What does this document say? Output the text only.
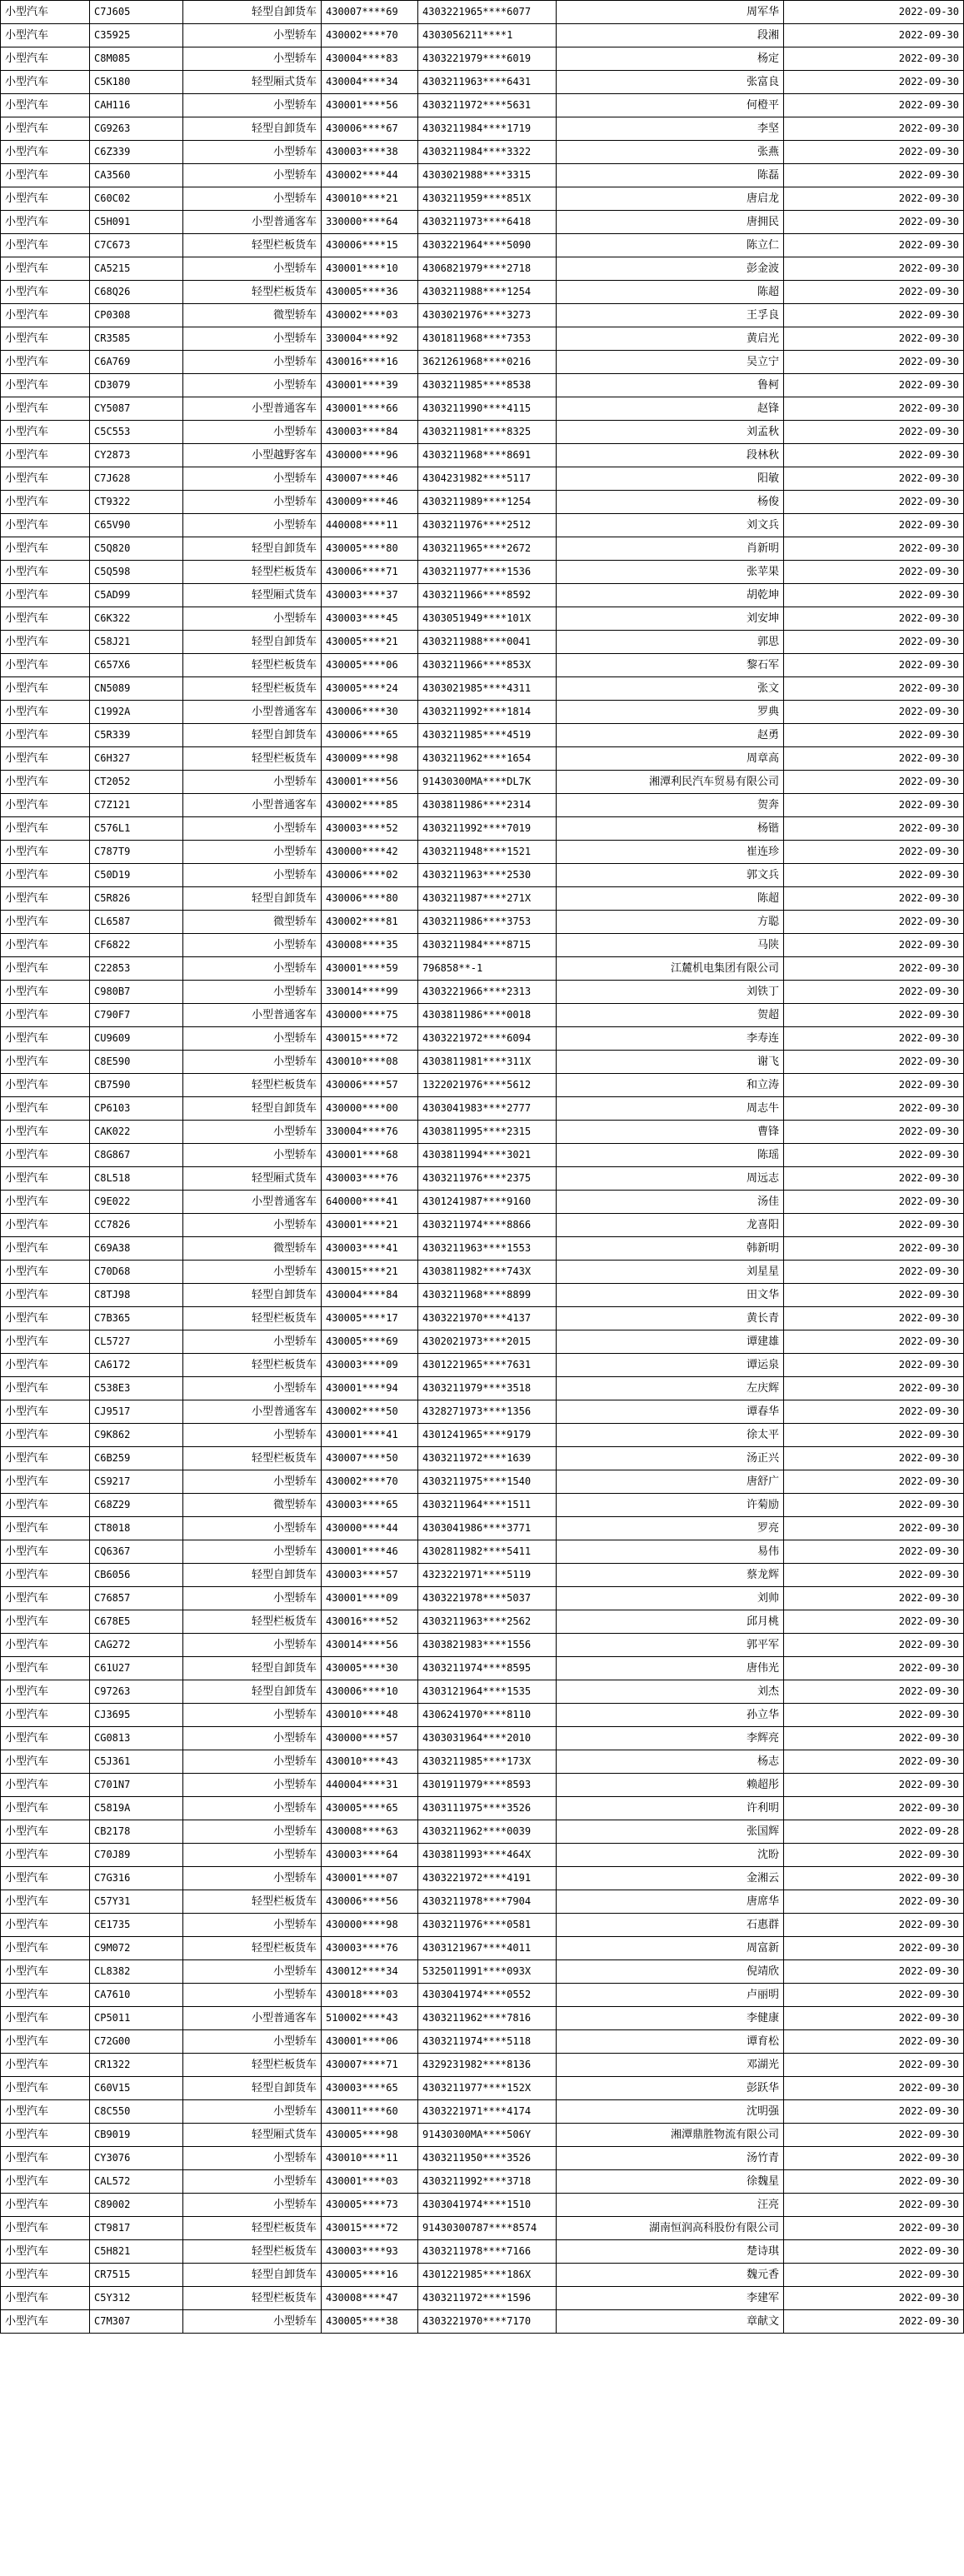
小型汽车	C7J605	轻型自卸货车	430007****69	4303221965****6077	周军华	2022-09-30
小型汽车	C35925	小型轿车	430002****70	4303056211****1	段湘	2022-09-30
小型汽车	C8M085	小型轿车	430004****83	4303221979****6019	杨定	2022-09-30
小型汽车	C5K180	轻型厢式货车	430004****34	4303211963****6431	张富良	2022-09-30
小型汽车	CAH116	小型轿车	430001****56	4303211972****5631	何橙平	2022-09-30
小型汽车	CG9263	轻型自卸货车	430006****67	4303211984****1719	李坚	2022-09-30
小型汽车	C6Z339	小型轿车	430003****38	4303211984****3322	张燕	2022-09-30
小型汽车	CA3560	小型轿车	430002****44	4303021988****3315	陈磊	2022-09-30
小型汽车	C60C02	小型轿车	430010****21	4303211959****851X	唐启龙	2022-09-30
小型汽车	C5H091	小型普通客车	330000****64	4303211973****6418	唐拥民	2022-09-30
小型汽车	C7C673	轻型栏板货车	430006****15	4303221964****5090	陈立仁	2022-09-30
小型汽车	CA5215	小型轿车	430001****10	4306821979****2718	彭金波	2022-09-30
小型汽车	C68Q26	轻型栏板货车	430005****36	4303211988****1254	陈超	2022-09-30
小型汽车	CP0308	微型轿车	430002****03	4303021976****3273	王孚良	2022-09-30
小型汽车	CR3585	小型轿车	330004****92	4301811968****7353	黄启光	2022-09-30
小型汽车	C6A769	小型轿车	430016****16	3621261968****0216	吴立宁	2022-09-30
小型汽车	CD3079	小型轿车	430001****39	4303211985****8538	鲁柯	2022-09-30
小型汽车	CY5087	小型普通客车	430001****66	4303211990****4115	赵锋	2022-09-30
小型汽车	C5C553	小型轿车	430003****84	4303211981****8325	刘孟秋	2022-09-30
小型汽车	CY2873	小型越野客车	430000****96	4303211968****8691	段林秋	2022-09-30
小型汽车	C7J628	小型轿车	430007****46	4304231982****5117	阳敏	2022-09-30
小型汽车	CT9322	小型轿车	430009****46	4303211989****1254	杨俊	2022-09-30
小型汽车	C65V90	小型轿车	440008****11	4303211976****2512	刘文兵	2022-09-30
小型汽车	C5Q820	轻型自卸货车	430005****80	4303211965****2672	肖新明	2022-09-30
小型汽车	C5Q598	轻型栏板货车	430006****71	4303211977****1536	张苹果	2022-09-30
小型汽车	C5AD99	轻型厢式货车	430003****37	4303211966****8592	胡乾坤	2022-09-30
小型汽车	C6K322	小型轿车	430003****45	4303051949****101X	刘安坤	2022-09-30
小型汽车	C58J21	轻型自卸货车	430005****21	4303211988****0041	郭思	2022-09-30
小型汽车	C657X6	轻型栏板货车	430005****06	4303211966****853X	黎石军	2022-09-30
小型汽车	CN5089	轻型栏板货车	430005****24	4303021985****4311	张文	2022-09-30
小型汽车	C1992A	小型普通客车	430006****30	4303211992****1814	罗典	2022-09-30
小型汽车	C5R339	轻型自卸货车	430006****65	4303211985****4519	赵勇	2022-09-30
小型汽车	C6H327	轻型栏板货车	430009****98	4303211962****1654	周章高	2022-09-30
小型汽车	CT2052	小型轿车	430001****56	91430300MA****DL7K	湘潭利民汽车贸易有限公司	2022-09-30
小型汽车	C7Z121	小型普通客车	430002****85	4303811986****2314	贺奔	2022-09-30
小型汽车	C576L1	小型轿车	430003****52	4303211992****7019	杨锴	2022-09-30
小型汽车	C787T9	小型轿车	430000****42	4303211948****1521	崔连珍	2022-09-30
小型汽车	C50D19	小型轿车	430006****02	4303211963****2530	郭文兵	2022-09-30
小型汽车	C5R826	轻型自卸货车	430006****80	4303211987****271X	陈超	2022-09-30
小型汽车	CL6587	微型轿车	430002****81	4303211986****3753	方聪	2022-09-30
小型汽车	CF6822	小型轿车	430008****35	4303211984****8715	马陕	2022-09-30
小型汽车	C22853	小型轿车	430001****59	796858**-1	江麓机电集团有限公司	2022-09-30
小型汽车	C980B7	小型轿车	330014****99	4303221966****2313	刘铁丁	2022-09-30
小型汽车	C790F7	小型普通客车	430000****75	4303811986****0018	贺超	2022-09-30
小型汽车	CU9609	小型轿车	430015****72	4303221972****6094	李寿连	2022-09-30
小型汽车	C8E590	小型轿车	430010****08	4303811981****311X	谢飞	2022-09-30
小型汽车	CB7590	轻型栏板货车	430006****57	1322021976****5612	和立涛	2022-09-30
小型汽车	CP6103	轻型自卸货车	430000****00	4303041983****2777	周志牛	2022-09-30
小型汽车	CAK022	小型轿车	330004****76	4303811995****2315	曹锋	2022-09-30
小型汽车	C8G867	小型轿车	430001****68	4303811994****3021	陈瑶	2022-09-30
小型汽车	C8L518	轻型厢式货车	430003****76	4303211976****2375	周远志	2022-09-30
小型汽车	C9E022	小型普通客车	640000****41	4301241987****9160	汤佳	2022-09-30
小型汽车	CC7826	小型轿车	430001****21	4303211974****8866	龙喜阳	2022-09-30
小型汽车	C69A38	微型轿车	430003****41	4303211963****1553	韩新明	2022-09-30
小型汽车	C70D68	小型轿车	430015****21	4303811982****743X	刘星星	2022-09-30
小型汽车	C8TJ98	轻型自卸货车	430004****84	4303211968****8899	田文华	2022-09-30
小型汽车	C7B365	轻型栏板货车	430005****17	4303221970****4137	黄长青	2022-09-30
小型汽车	CL5727	小型轿车	430005****69	4302021973****2015	谭建雄	2022-09-30
小型汽车	CA6172	轻型栏板货车	430003****09	4301221965****7631	谭运泉	2022-09-30
小型汽车	C538E3	小型轿车	430001****94	4303211979****3518	左庆辉	2022-09-30
小型汽车	CJ9517	小型普通客车	430002****50	4328271973****1356	谭春华	2022-09-30
小型汽车	C9K862	小型轿车	430001****41	4301241965****9179	徐太平	2022-09-30
小型汽车	C6B259	轻型栏板货车	430007****50	4303211972****1639	汤正兴	2022-09-30
小型汽车	CS9217	小型轿车	430002****70	4303211975****1540	唐舒广	2022-09-30
小型汽车	C68Z29	微型轿车	430003****65	4303211964****1511	许菊励	2022-09-30
小型汽车	CT8018	小型轿车	430000****44	4303041986****3771	罗亮	2022-09-30
小型汽车	CQ6367	小型轿车	430001****46	4302811982****5411	易伟	2022-09-30
小型汽车	CB6056	轻型自卸货车	430003****57	4323221971****5119	蔡龙辉	2022-09-30
小型汽车	C76857	小型轿车	430001****09	4303221978****5037	刘帅	2022-09-30
小型汽车	C678E5	轻型栏板货车	430016****52	4303211963****2562	邱月桃	2022-09-30
小型汽车	CAG272	小型轿车	430014****56	4303821983****1556	郭平军	2022-09-30
小型汽车	C61U27	轻型自卸货车	430005****30	4303211974****8595	唐伟光	2022-09-30
小型汽车	C97263	轻型自卸货车	430006****10	4303121964****1535	刘杰	2022-09-30
小型汽车	CJ3695	小型轿车	430010****48	4306241970****8110	孙立华	2022-09-30
小型汽车	CG0813	小型轿车	430000****57	4303031964****2010	李辉亮	2022-09-30
小型汽车	C5J361	小型轿车	430010****43	4303211985****173X	杨志	2022-09-30
小型汽车	C701N7	小型轿车	440004****31	4301911979****8593	赖超彤	2022-09-30
小型汽车	C5819A	小型轿车	430005****65	4303111975****3526	许利明	2022-09-30
小型汽车	CB2178	小型轿车	430008****63	4303211962****0039	张国辉	2022-09-28
小型汽车	C70J89	小型轿车	430003****64	4303811993****464X	沈盼	2022-09-30
小型汽车	C7G316	小型轿车	430001****07	4303221972****4191	金湘云	2022-09-30
小型汽车	C57Y31	轻型栏板货车	430006****56	4303211978****7904	唐席华	2022-09-30
小型汽车	CE1735	小型轿车	430000****98	4303211976****0581	石惠群	2022-09-30
小型汽车	C9M072	轻型栏板货车	430003****76	4303121967****4011	周富新	2022-09-30
小型汽车	CL8382	小型轿车	430012****34	5325011991****093X	倪靖欣	2022-09-30
小型汽车	CA7610	小型轿车	430018****03	4303041974****0552	卢丽明	2022-09-30
小型汽车	CP5011	小型普通客车	510002****43	4303211962****7816	李健康	2022-09-30
小型汽车	C72G00	小型轿车	430001****06	4303211974****5118	谭育松	2022-09-30
小型汽车	CR1322	轻型栏板货车	430007****71	4329231982****8136	邓湖光	2022-09-30
小型汽车	C60V15	轻型自卸货车	430003****65	4303211977****152X	彭跃华	2022-09-30
小型汽车	C8C550	小型轿车	430011****60	4303221971****4174	沈明强	2022-09-30
小型汽车	CB9019	轻型厢式货车	430005****98	91430300MA****506Y	湘潭鼎胜物流有限公司	2022-09-30
小型汽车	CY3076	小型轿车	430010****11	4303211950****3526	汤竹青	2022-09-30
小型汽车	CAL572	小型轿车	430001****03	4303211992****3718	徐魏星	2022-09-30
小型汽车	C89002	小型轿车	430005****73	4303041974****1510	汪亮	2022-09-30
小型汽车	CT9817	轻型栏板货车	430015****72	91430300787****8574	湖南恒润高科股份有限公司	2022-09-30
小型汽车	C5H821	轻型栏板货车	430003****93	4303211978****7166	楚诗琪	2022-09-30
小型汽车	CR7515	轻型自卸货车	430005****16	4301221985****186X	魏元香	2022-09-30
小型汽车	C5Y312	轻型栏板货车	430008****47	4303211972****1596	李建军	2022-09-30
小型汽车	C7M307	小型轿车	430005****38	4303221970****7170	章献文	2022-09-30
